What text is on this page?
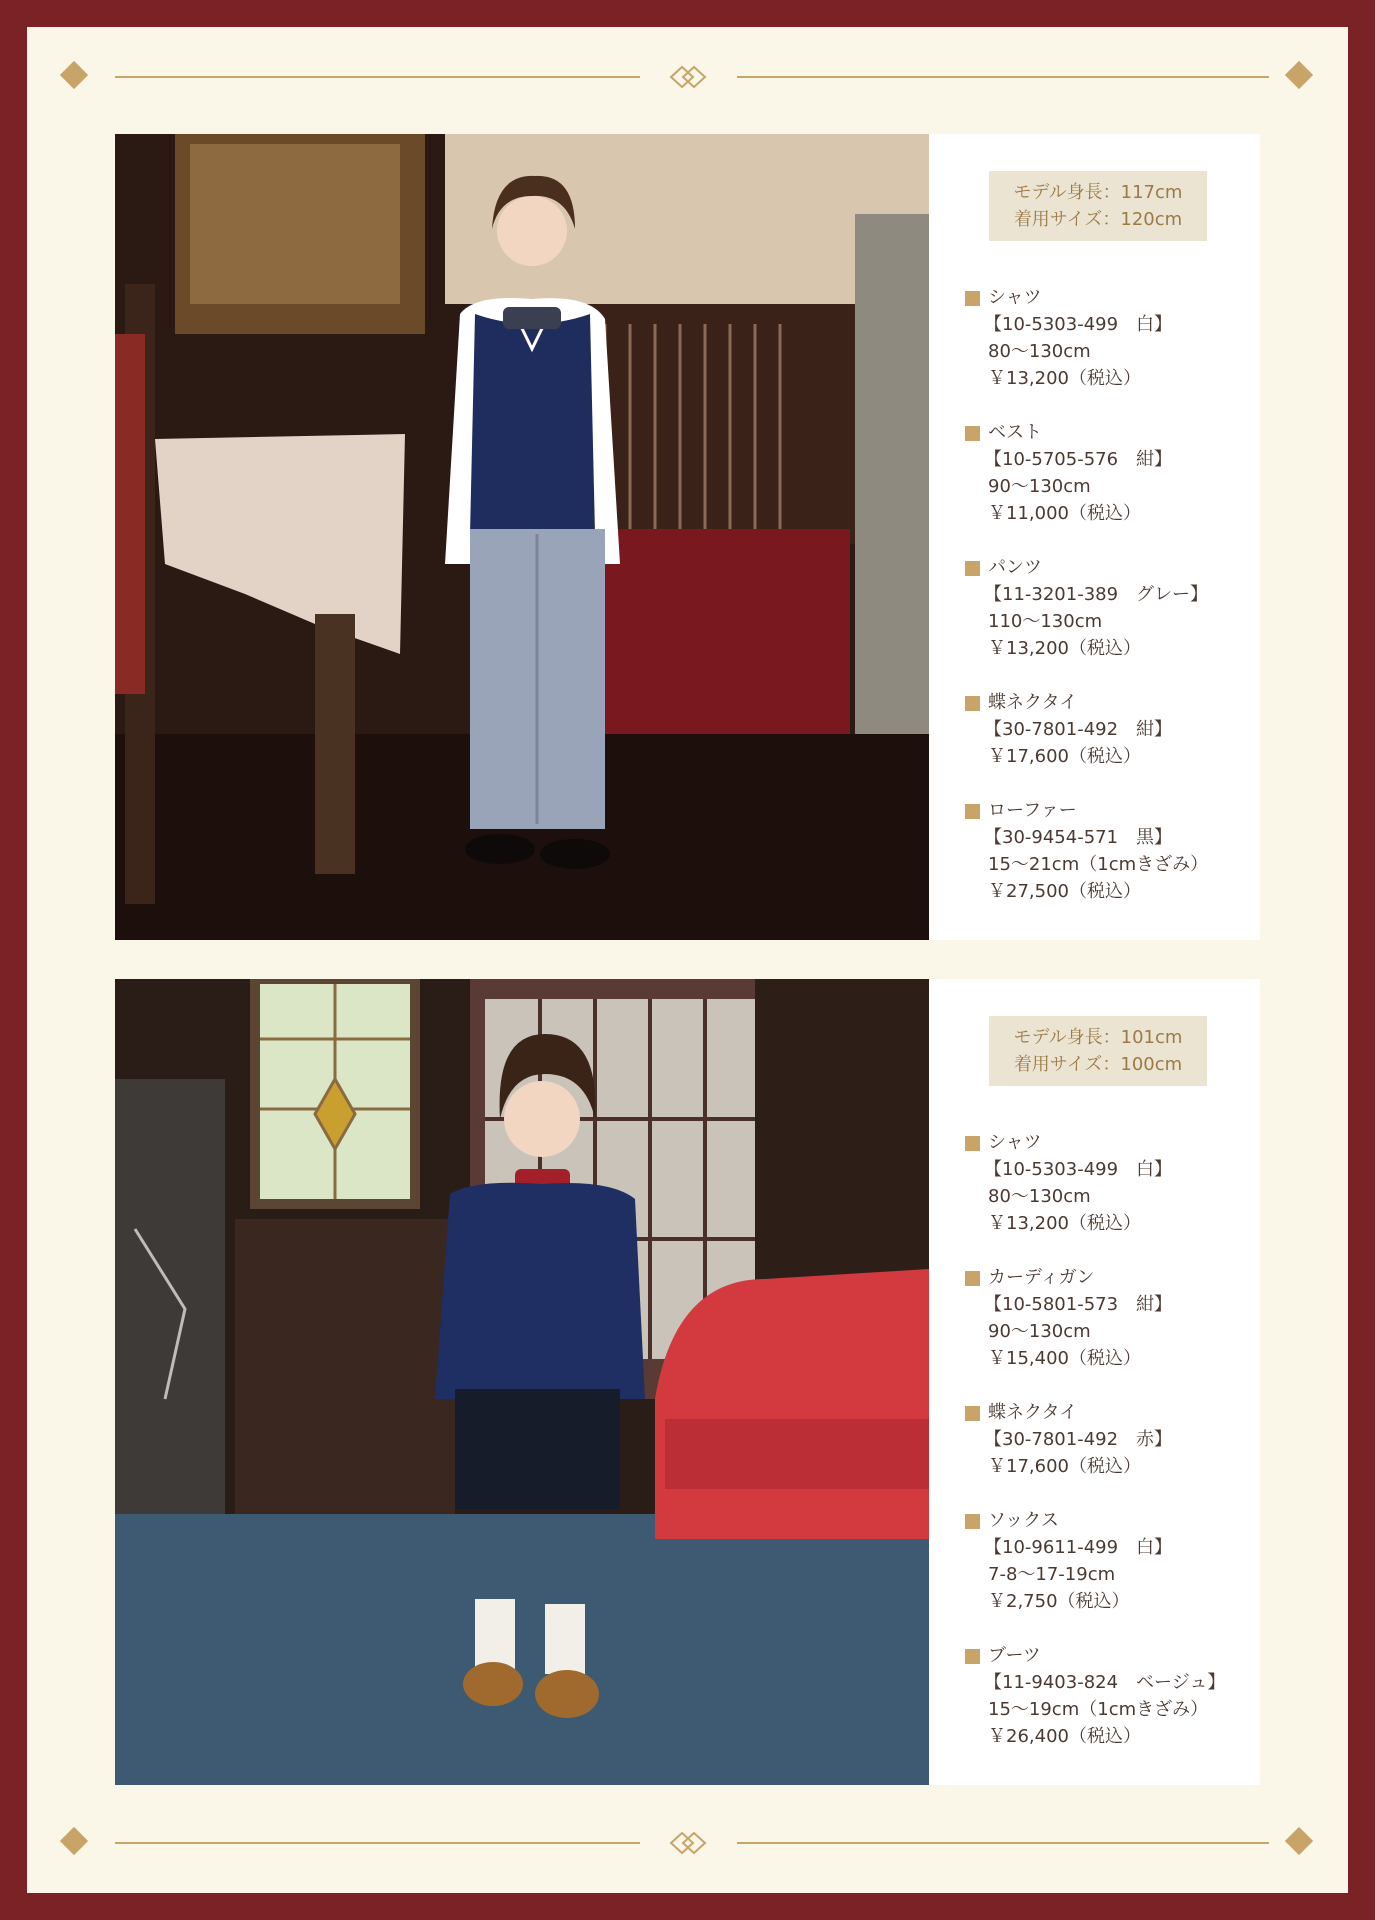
モデル身長：117cm
着用サイズ：120cm
シャツ
【10-5303-499　白】
80〜130cm
￥13,200（税込）
ベスト
【10-5705-576　紺】
90〜130cm
￥11,000（税込）
パンツ
【11-3201-389　グレー】
110〜130cm
￥13,200（税込）
蝶ネクタイ
【30-7801-492　紺】
￥17,600（税込）
ローファー
【30-9454-571　黒】
15〜21cm（1cmきざみ）
￥27,500（税込）
モデル身長：101cm
着用サイズ：100cm
シャツ
【10-5303-499　白】
80〜130cm
￥13,200（税込）
カーディガン
【10-5801-573　紺】
90〜130cm
￥15,400（税込）
蝶ネクタイ
【30-7801-492　赤】
￥17,600（税込）
ソックス
【10-9611-499　白】
7-8〜17-19cm
￥2,750（税込）
ブーツ
【11-9403-824　ベージュ】
15〜19cm（1cmきざみ）
￥26,400（税込）
